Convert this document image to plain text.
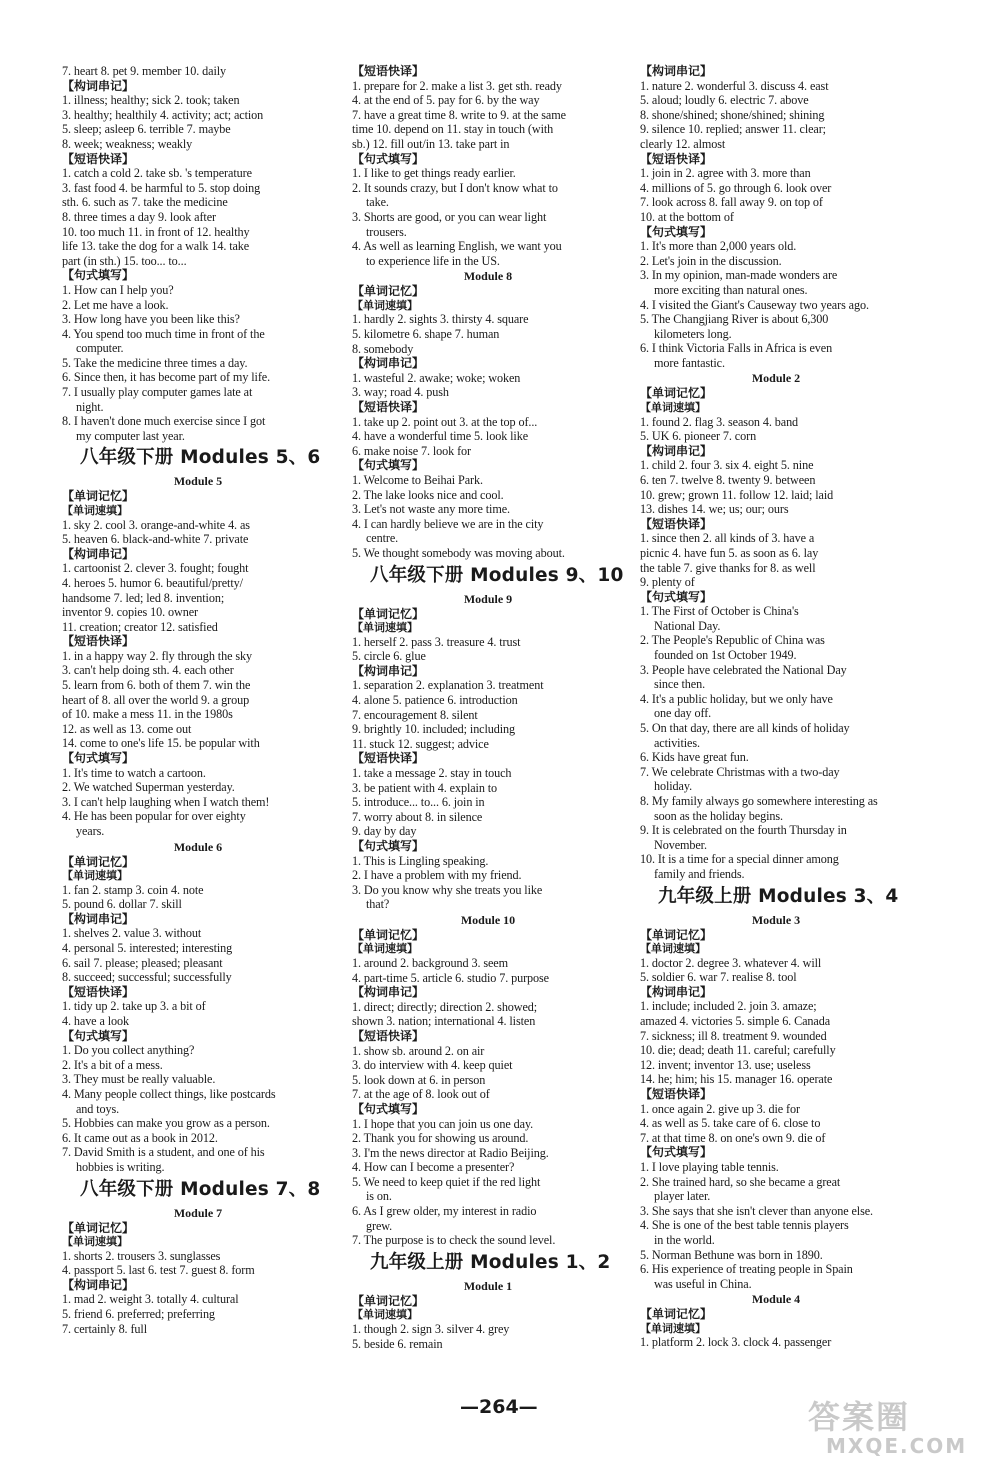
7. heart 8. pet 9. member 10. daily
【构词串记】
1. illness; healthy; sick 2. took; taken
3. healthy; healthily 4. activity; act; action
5. sleep; asleep 6. terrible 7. maybe
8. week; weakness; weakly
【短语快译】
1. catch a cold 2. take sb. 's temperature
3. fast food 4. be harmful to 5. stop doing
sth. 6. such as 7. take the medicine
8. three times a day 9. look after
10. too much 11. in front of 12. healthy
life 13. take the dog for a walk 14. take
part (in sth.) 15. too... to...
【句式填写】
1. How can I help you?
2. Let me have a look.
3. How long have you been like this?
4. You spend too much time in front of the
computer.
5. Take the medicine three times a day.
6. Since then, it has become part of my life.
7. I usually play computer games late at
night.
8. I haven't done much exercise since I got
my computer last year.
八年级下册 Modules 5、6
Module 5
【单词记忆】
【单词速填】
1. sky 2. cool 3. orange-and-white 4. as
5. heaven 6. black-and-white 7. private
【构词串记】
1. cartoonist 2. clever 3. fought; fought
4. heroes 5. humor 6. beautiful/pretty/
handsome 7. led; led 8. invention;
inventor 9. copies 10. owner
11. creation; creator 12. satisfied
【短语快译】
1. in a happy way 2. fly through the sky
3. can't help doing sth. 4. each other
5. learn from 6. both of them 7. win the
heart of 8. all over the world 9. a group
of 10. make a mess 11. in the 1980s
12. as well as 13. come out
14. come to one's life 15. be popular with
【句式填写】
1. It's time to watch a cartoon.
2. We watched Superman yesterday.
3. I can't help laughing when I watch them!
4. He has been popular for over eighty
years.
Module 6
【单词记忆】
【单词速填】
1. fan 2. stamp 3. coin 4. note
5. pound 6. dollar 7. skill
【构词串记】
1. shelves 2. value 3. without
4. personal 5. interested; interesting
6. sail 7. please; pleased; pleasant
8. succeed; successful; successfully
【短语快译】
1. tidy up 2. take up 3. a bit of
4. have a look
【句式填写】
1. Do you collect anything?
2. It's a bit of a mess.
3. They must be really valuable.
4. Many people collect things, like postcards
and toys.
5. Hobbies can make you grow as a person.
6. It came out as a book in 2012.
7. David Smith is a student, and one of his
hobbies is writing.
八年级下册 Modules 7、8
Module 7
【单词记忆】
【单词速填】
1. shorts 2. trousers 3. sunglasses
4. passport 5. last 6. test 7. guest 8. form
【构词串记】
1. mad 2. weight 3. totally 4. cultural
5. friend 6. preferred; preferring
7. certainly 8. full
【短语快译】
1. prepare for 2. make a list 3. get sth. ready
4. at the end of 5. pay for 6. by the way
7. have a great time 8. write to 9. at the same
time 10. depend on 11. stay in touch (with
sb.) 12. fill out/in 13. take part in
【句式填写】
1. I like to get things ready earlier.
2. It sounds crazy, but I don't know what to
take.
3. Shorts are good, or you can wear light
trousers.
4. As well as learning English, we want you
to experience life in the US.
Module 8
【单词记忆】
【单词速填】
1. hardly 2. sights 3. thirsty 4. square
5. kilometre 6. shape 7. human
8. somebody
【构词串记】
1. wasteful 2. awake; woke; woken
3. way; road 4. push
【短语快译】
1. take up 2. point out 3. at the top of...
4. have a wonderful time 5. look like
6. make noise 7. look for
【句式填写】
1. Welcome to Beihai Park.
2. The lake looks nice and cool.
3. Let's not waste any more time.
4. I can hardly believe we are in the city
centre.
5. We thought somebody was moving about.
八年级下册 Modules 9、10
Module 9
【单词记忆】
【单词速填】
1. herself 2. pass 3. treasure 4. trust
5. circle 6. glue
【构词串记】
1. separation 2. explanation 3. treatment
4. alone 5. patience 6. introduction
7. encouragement 8. silent
9. brightly 10. included; including
11. stuck 12. suggest; advice
【短语快译】
1. take a message 2. stay in touch
3. be patient with 4. explain to
5. introduce... to... 6. join in
7. worry about 8. in silence
9. day by day
【句式填写】
1. This is Lingling speaking.
2. I have a problem with my friend.
3. Do you know why she treats you like
that?
Module 10
【单词记忆】
【单词速填】
1. around 2. background 3. seem
4. part-time 5. article 6. studio 7. purpose
【构词串记】
1. direct; directly; direction 2. showed;
shown 3. nation; international 4. listen
【短语快译】
1. show sb. around 2. on air
3. do interview with 4. keep quiet
5. look down at 6. in person
7. at the age of 8. look out of
【句式填写】
1. I hope that you can join us one day.
2. Thank you for showing us around.
3. I'm the news director at Radio Beijing.
4. How can I become a presenter?
5. We need to keep quiet if the red light
is on.
6. As I grew older, my interest in radio
grew.
7. The purpose is to check the sound level.
九年级上册 Modules 1、2
Module 1
【单词记忆】
【单词速填】
1. though 2. sign 3. silver 4. grey
5. beside 6. remain
【构词串记】
1. nature 2. wonderful 3. discuss 4. east
5. aloud; loudly 6. electric 7. above
8. shone/shined; shone/shined; shining
9. silence 10. replied; answer 11. clear;
clearly 12. almost
【短语快译】
1. join in 2. agree with 3. more than
4. millions of 5. go through 6. look over
7. look across 8. fall away 9. on top of
10. at the bottom of
【句式填写】
1. It's more than 2,000 years old.
2. Let's join in the discussion.
3. In my opinion, man-made wonders are
more exciting than natural ones.
4. I visited the Giant's Causeway two years ago.
5. The Changjiang River is about 6,300
kilometers long.
6. I think Victoria Falls in Africa is even
more fantastic.
Module 2
【单词记忆】
【单词速填】
1. found 2. flag 3. season 4. band
5. UK 6. pioneer 7. corn
【构词串记】
1. child 2. four 3. six 4. eight 5. nine
6. ten 7. twelve 8. twenty 9. between
10. grew; grown 11. follow 12. laid; laid
13. dishes 14. we; us; our; ours
【短语快译】
1. since then 2. all kinds of 3. have a
picnic 4. have fun 5. as soon as 6. lay
the table 7. give thanks for 8. as well
9. plenty of
【句式填写】
1. The First of October is China's
National Day.
2. The People's Republic of China was
founded on 1st October 1949.
3. People have celebrated the National Day
since then.
4. It's a public holiday, but we only have
one day off.
5. On that day, there are all kinds of holiday
activities.
6. Kids have great fun.
7. We celebrate Christmas with a two-day
holiday.
8. My family always go somewhere interesting as
soon as the holiday begins.
9. It is celebrated on the fourth Thursday in
November.
10. It is a time for a special dinner among
family and friends.
九年级上册 Modules 3、4
Module 3
【单词记忆】
【单词速填】
1. doctor 2. degree 3. whatever 4. will
5. soldier 6. war 7. realise 8. tool
【构词串记】
1. include; included 2. join 3. amaze;
amazed 4. victories 5. simple 6. Canada
7. sickness; ill 8. treatment 9. wounded
10. die; dead; death 11. careful; carefully
12. invent; inventor 13. use; useless
14. he; him; his 15. manager 16. operate
【短语快译】
1. once again 2. give up 3. die for
4. as well as 5. take care of 6. close to
7. at that time 8. on one's own 9. die of
【句式填写】
1. I love playing table tennis.
2. She trained hard, so she became a great
player later.
3. She says that she isn't clever than anyone else.
4. She is one of the best table tennis players
in the world.
5. Norman Bethune was born in 1890.
6. His experience of treating people in Spain
was useful in China.
Module 4
【单词记忆】
【单词速填】
1. platform 2. lock 3. clock 4. passenger
—264—	答案圈
MXQE.COM
